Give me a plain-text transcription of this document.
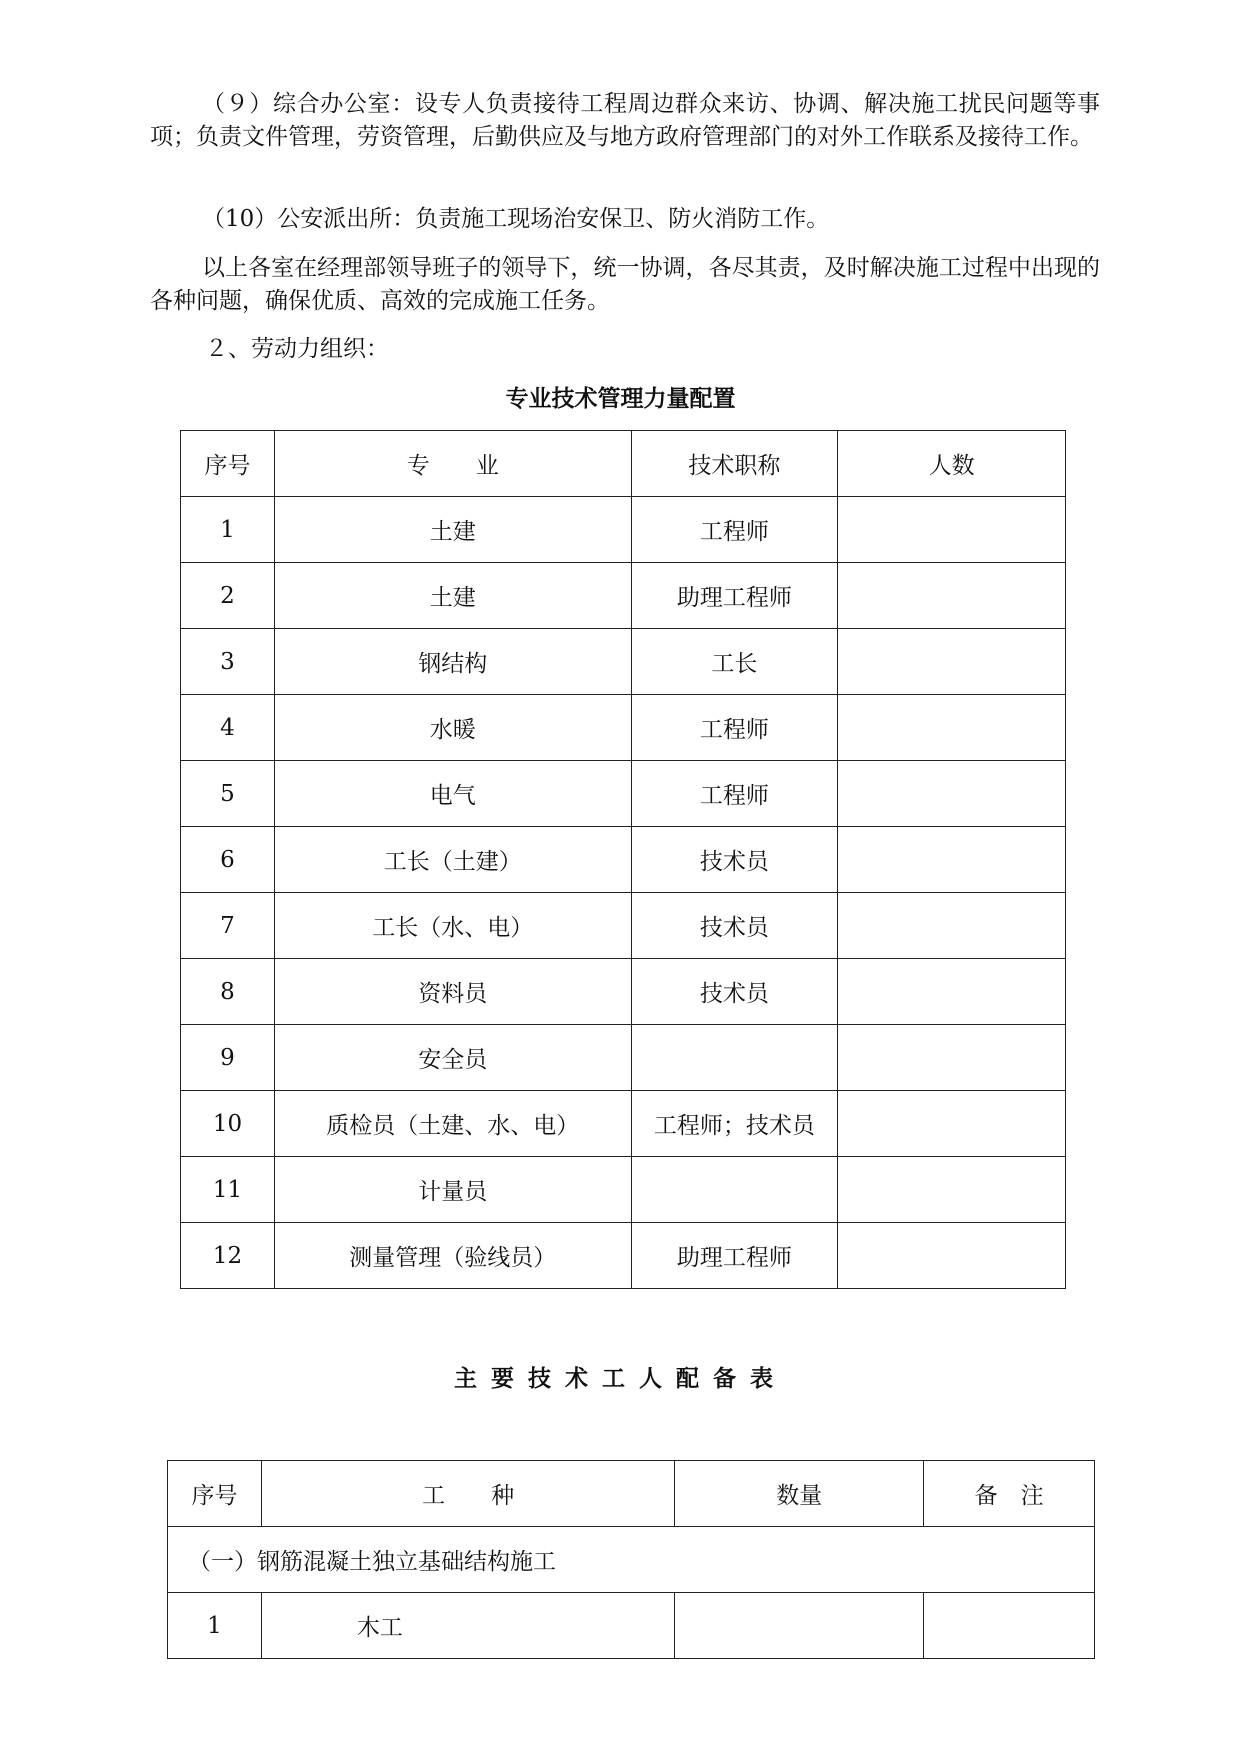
（９）综合办公室：设专人负责接待工程周边群众来访、协调、解决施工扰民问题等事项；负责文件管理，劳资管理，后勤供应及与地方政府管理部门的对外工作联系及接待工作。

（10）公安派出所：负责施工现场治安保卫、防火消防工作。

以上各室在经理部领导班子的领导下，统一协调，各尽其责，及时解决施工过程中出现的各种问题，确保优质、高效的完成施工任务。

２、劳动力组织：

专业技术管理力量配置

序号	专　　业	技术职称	人数
1	土建	工程师	
2	土建	助理工程师	
3	钢结构	工长	
4	水暖	工程师	
5	电气	工程师	
6	工长（土建）	技术员	
7	工长（水、电）	技术员	
8	资料员	技术员	
9	安全员		
10	质检员（土建、水、电）	工程师；技术员	
11	计量员		
12	测量管理（验线员）	助理工程师	

主要技术工人配备表

序号	工　　种	数量	备　注
（一）钢筋混凝土独立基础结构施工			
1	木工		
